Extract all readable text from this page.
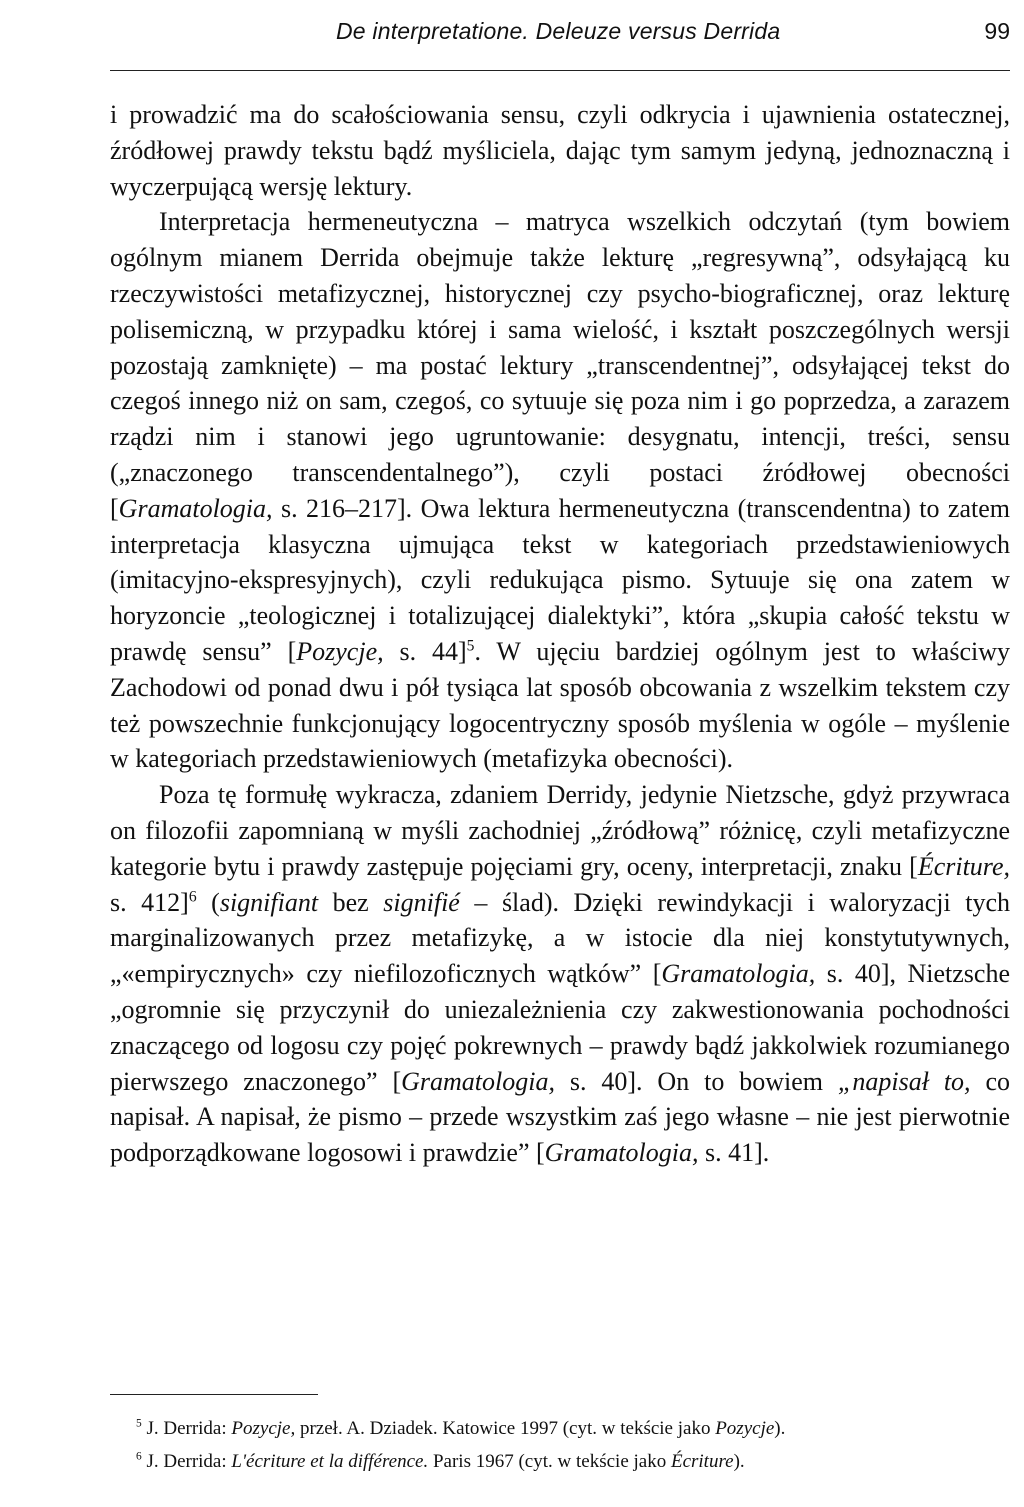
De interpretatione. Deleuze versus Derrida	99

i prowadzić ma do scałościowania sensu, czyli odkrycia i ujawnienia ostatecznej, źródłowej prawdy tekstu bądź myśliciela, dając tym samym jedyną, jednoznaczną i wyczerpującą wersję lektury.

Interpretacja hermeneutyczna – matryca wszelkich odczytań (tym bowiem ogólnym mianem Derrida obejmuje także lekturę „regresywną”, odsyłającą ku rzeczywistości metafizycznej, historycznej czy psycho-biograficznej, oraz lekturę polisemiczną, w przypadku której i sama wielość, i kształt poszczególnych wersji pozostają zamknięte) – ma postać lektury „transcendentnej”, odsyłającej tekst do czegoś innego niż on sam, czegoś, co sytuuje się poza nim i go poprzedza, a zarazem rządzi nim i stanowi jego ugruntowanie: desygnatu, intencji, treści, sensu („znaczonego transcendentalnego”), czyli postaci źródłowej obecności [Gramatologia, s. 216–217]. Owa lektura hermeneutyczna (transcendentna) to zatem interpretacja klasyczna ujmująca tekst w kategoriach przedstawieniowych (imitacyjno-ekspresyjnych), czyli redukująca pismo. Sytuuje się ona zatem w horyzoncie „teologicznej i totalizującej dialektyki”, która „skupia całość tekstu w prawdę sensu” [Pozycje, s. 44]$^5$. W ujęciu bardziej ogólnym jest to właściwy Zachodowi od ponad dwu i pół tysiąca lat sposób obcowania z wszelkim tekstem czy też powszechnie funkcjonujący logocentryczny sposób myślenia w ogóle – myślenie w kategoriach przedstawieniowych (metafizyka obecności).

Poza tę formułę wykracza, zdaniem Derridy, jedynie Nietzsche, gdyż przywraca on filozofii zapomnianą w myśli zachodniej „źródłową” różnicę, czyli metafizyczne kategorie bytu i prawdy zastępuje pojęciami gry, oceny, interpretacji, znaku [Écriture, s. 412]$^6$ (signifiant bez signifié – ślad). Dzięki rewindykacji i waloryzacji tych marginalizowanych przez metafizykę, a w istocie dla niej konstytutywnych, „«empirycznych» czy niefilozoficznych wątków” [Gramatologia, s. 40], Nietzsche „ogromnie się przyczynił do uniezależnienia czy zakwestionowania pochodności znaczącego od logosu czy pojęć pokrewnych – prawdy bądź jakkolwiek rozumianego pierwszego znaczonego” [Gramatologia, s. 40]. On to bowiem „napisał to, co napisał. A napisał, że pismo – przede wszystkim zaś jego własne – nie jest pierwotnie podporządkowane logosowi i prawdzie” [Gramatologia, s. 41].

$^5$ J. Derrida: Pozycje, przeł. A. Dziadek. Katowice 1997 (cyt. w tekście jako Pozycje).

$^6$ J. Derrida: L'écriture et la différence. Paris 1967 (cyt. w tekście jako Écriture).
